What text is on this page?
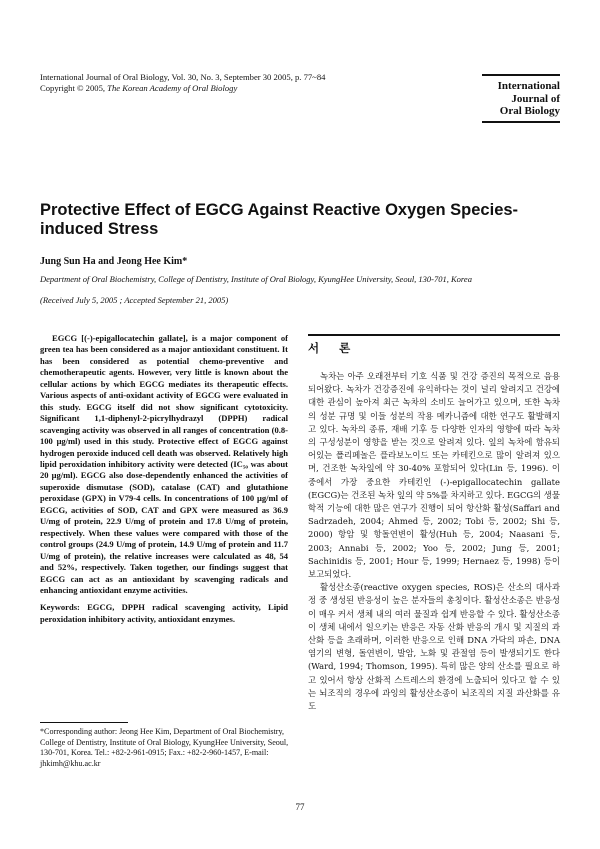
International Journal of Oral Biology, Vol. 30, No. 3, September 30 2005, p. 77~84
Copyright © 2005, The Korean Academy of Oral Biology	International
Journal of
Oral Biology
Protective Effect of EGCG Against Reactive Oxygen Species-induced Stress
Jung Sun Ha and Jeong Hee Kim*
Department of Oral Biochemistry, College of Dentistry, Institute of Oral Biology, KyungHee University, Seoul, 130-701, Korea
(Received July 5, 2005 ; Accepted September 21, 2005)

EGCG [(-)-epigallocatechin gallate], is a major component of green tea has been considered as a major antioxidant constituent. It has been considered as potential chemo-preventive and chemotherapeutic agents. However, very little is known about the cellular actions by which EGCG mediates its therapeutic effects. Various aspects of anti-oxidant activity of EGCG were evaluated in this study. EGCG itself did not show significant cytotoxicity. Significant 1,1-diphenyl-2-picrylhydrazyl (DPPH) radical scavenging activity was observed in all ranges of concentration (0.8-100 μg/ml) used in this study. Protective effect of EGCG against hydrogen peroxide induced cell death was observed. Relatively high lipid peroxidation inhibitory activity were detected (IC₅₀ was about 20 μg/ml). EGCG also dose-dependently enhanced the activities of superoxide dismutase (SOD), catalase (CAT) and glutathione peroxidase (GPX) in V79-4 cells. In concentrations of 100 μg/ml of EGCG, activities of SOD, CAT and GPX were measured as 36.9 U/mg of protein, 22.9 U/mg of protein and 17.8 U/mg of protein, respectively. When these values were compared with those of the control groups (24.9 U/mg of protein, 14.9 U/mg of protein and 11.7 U/mg of protein), the relative increases were calculated as 48, 54 and 52%, respectively. Taken together, our findings suggest that EGCG can act as an antioxidant by scavenging radicals and enhancing antioxidant enzyme activities.

Keywords: EGCG, DPPH radical scavenging activity, Lipid peroxidation inhibitory activity, antioxidant enzymes.

*Corresponding author: Jeong Hee Kim, Department of Oral Biochemistry, College of Dentistry, Institute of Oral Biology, KyungHee University, Seoul, 130-701, Korea. Tel.: +82-2-961-0915; Fax.: +82-2-960-1457, E-mail: jhkimh@khu.ac.kr
서 론

녹차는 아주 오래전부터 기호 식품 및 건강 증진의 목적으로 음용되어왔다. 녹차가 건강증진에 유익하다는 것이 널리 알려지고 건강에 대한 관심이 높아져 최근 녹차의 소비도 늘어가고 있으며, 또한 녹차의 성분 규명 및 이들 성분의 작용 메카니즘에 대한 연구도 활발해지고 있다. 녹차의 종류, 재배 기후 등 다양한 인자의 영향에 따라 녹차의 구성성분이 영향을 받는 것으로 알려져 있다. 잎의 녹차에 함유되어있는 폴리페놀은 플라보노이드 또는 카테킨으로 많이 알려져 있으며, 건조한 녹차잎에 약 30-40% 포함되어 있다(Lin 등, 1996). 이 중에서 가장 중요한 카테킨인 (-)-epigallocatechin gallate (EGCG)는 건조된 녹차 잎의 약 5%를 차지하고 있다. EGCG의 생물학적 기능에 대한 많은 연구가 진행이 되어 항산화 활성(Saffari and Sadrzadeh, 2004; Ahmed 등, 2002; Tobi 등, 2002; Shi 등, 2000) 항암 및 항돌연변이 활성(Huh 등, 2004; Naasani 등, 2003; Annabi 등, 2002; Yoo 등, 2002; Jung 등, 2001; Sachinidis 등, 2001; Hour 등, 1999; Hernaez 등, 1998) 등이 보고되었다.

활성산소종(reactive oxygen species, ROS)은 산소의 대사과정 중 생성된 반응성이 높은 분자들의 총칭이다. 활성산소종은 반응성이 매우 커서 생체 내의 여러 물질과 쉽게 반응할 수 있다. 활성산소종이 생체 내에서 일으키는 반응은 자동 산화 반응의 개시 및 지질의 과산화 등을 초래하며, 이러한 반응으로 인해 DNA 가닥의 파손, DNA 염기의 변형, 돌연변이, 발암, 노화 및 관절염 등이 발생되기도 한다(Ward, 1994; Thomson, 1995). 특히 많은 양의 산소를 필요로 하고 있어서 항상 산화적 스트레스의 환경에 노출되어 있다고 할 수 있는 뇌조직의 경우에 과잉의 활성산소종이 뇌조직의 지질 과산화를 유도

77
